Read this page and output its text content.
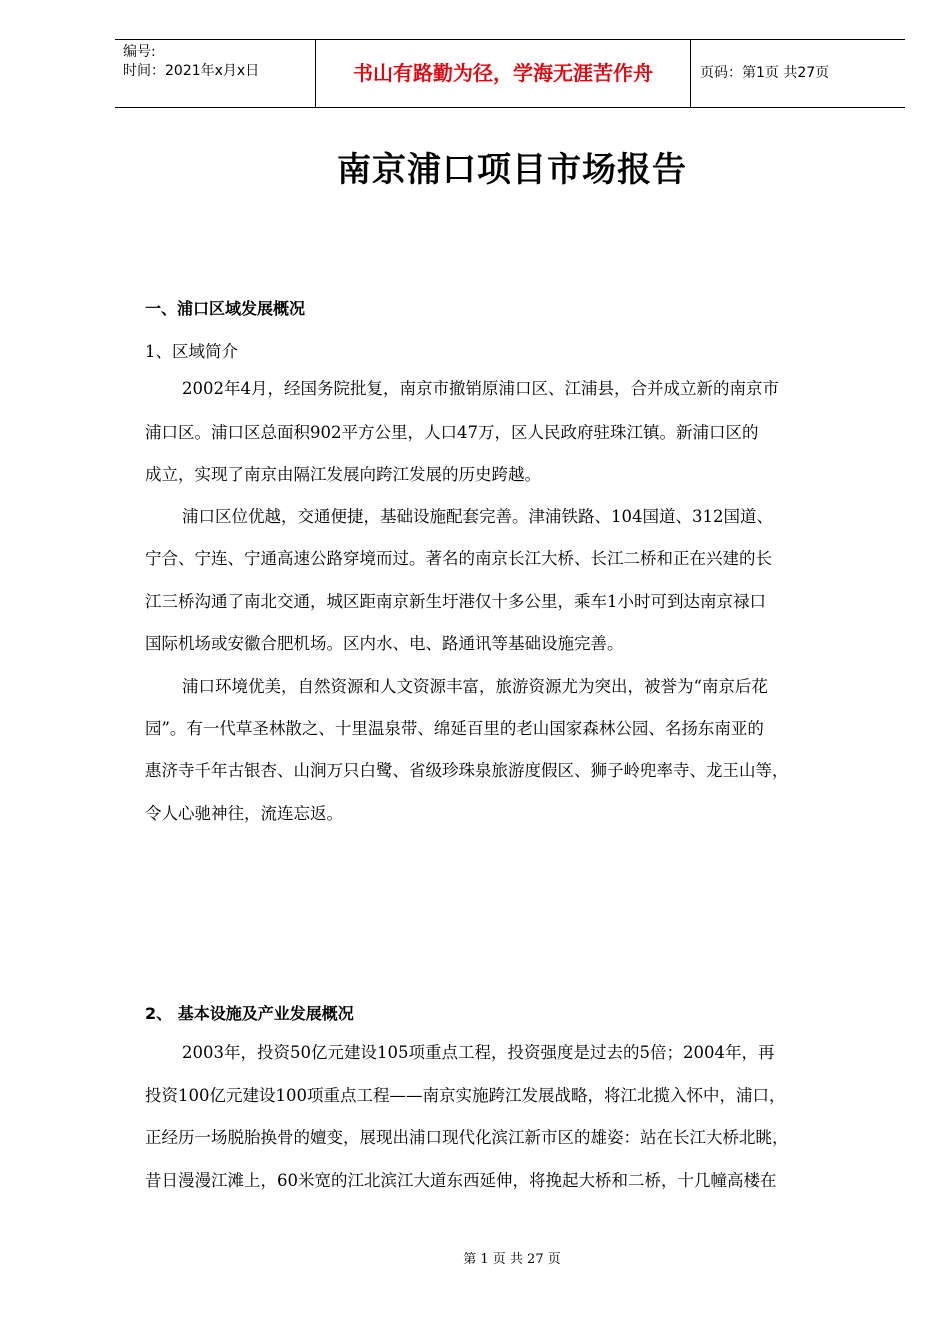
编号:
时间：2021年x月x日	书山有路勤为径，学海无涯苦作舟	页码：第1页 共27页
南京浦口项目市场报告
一、浦口区域发展概况
1、区域简介
2002年4月，经国务院批复，南京市撤销原浦口区、江浦县，合并成立新的南京市
浦口区。浦口区总面积902平方公里，人口47万，区人民政府驻珠江镇。新浦口区的
成立，实现了南京由隔江发展向跨江发展的历史跨越。
浦口区位优越，交通便捷，基础设施配套完善。津浦铁路、104国道、312国道、
宁合、宁连、宁通高速公路穿境而过。著名的南京长江大桥、长江二桥和正在兴建的长
江三桥沟通了南北交通，城区距南京新生圩港仅十多公里，乘车1小时可到达南京禄口
国际机场或安徽合肥机场。区内水、电、路通讯等基础设施完善。
浦口环境优美，自然资源和人文资源丰富，旅游资源尤为突出，被誉为“南京后花
园”。有一代草圣林散之、十里温泉带、绵延百里的老山国家森林公园、名扬东南亚的
惠济寺千年古银杏、山涧万只白鹭、省级珍珠泉旅游度假区、狮子岭兜率寺、龙王山等，
令人心驰神往，流连忘返。
2、 基本设施及产业发展概况
2003年，投资50亿元建设105项重点工程，投资强度是过去的5倍；2004年，再
投资100亿元建设100项重点工程——南京实施跨江发展战略，将江北揽入怀中，浦口，
正经历一场脱胎换骨的嬗变，展现出浦口现代化滨江新市区的雄姿：站在长江大桥北眺，
昔日漫漫江滩上，60米宽的江北滨江大道东西延伸，将挽起大桥和二桥，十几幢高楼在
第 1 页 共 27 页
